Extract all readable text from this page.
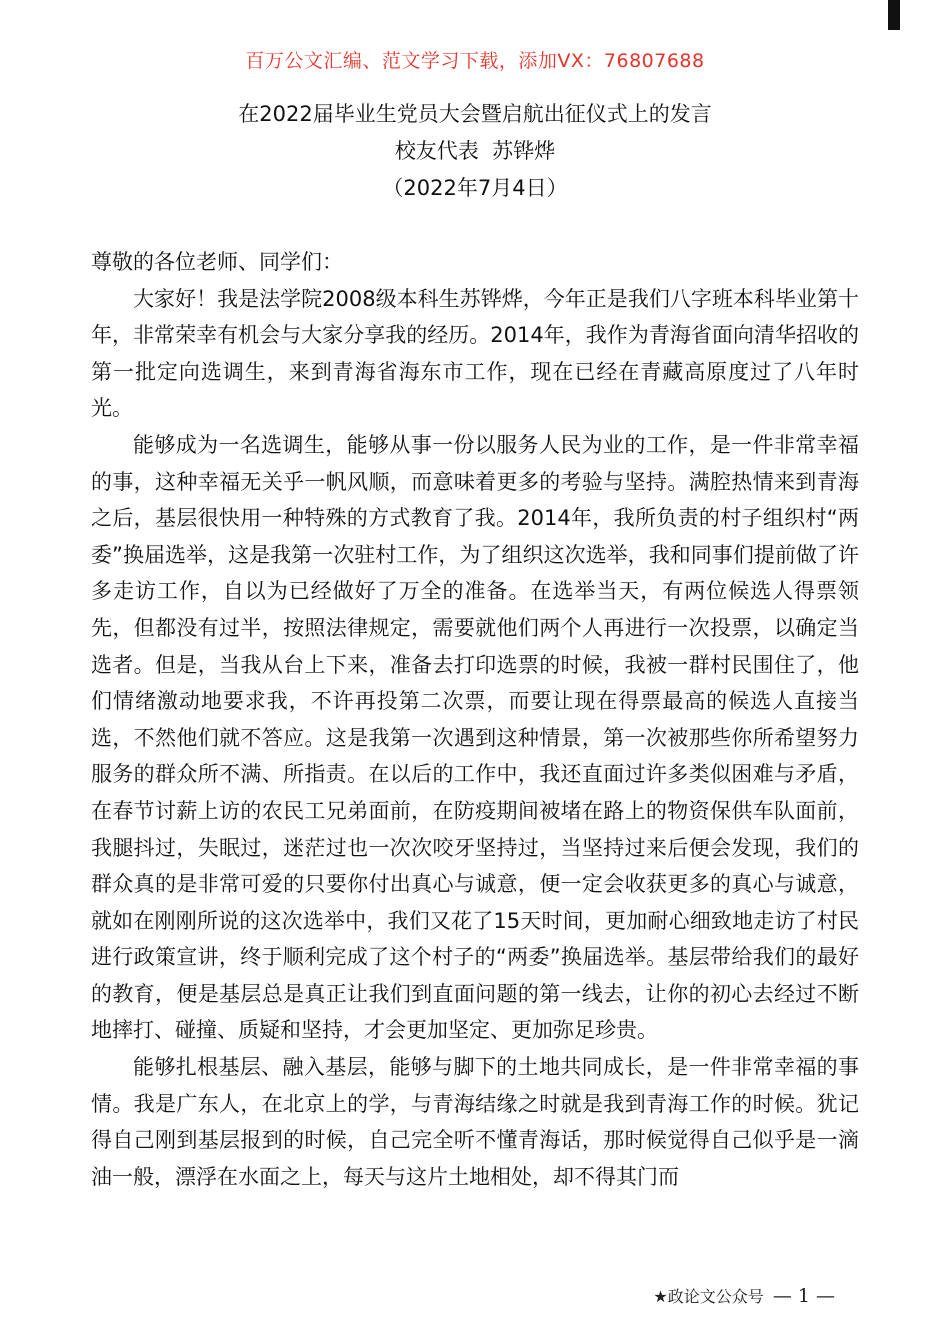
百万公文汇编、范文学习下载，添加VX：76807688
在2022届毕业生党员大会暨启航出征仪式上的发言
校友代表  苏铧烨
（2022年7月4日）

尊敬的各位老师、同学们：

大家好！我是法学院2008级本科生苏铧烨，今年正是我们八字班本科毕业第十年，非常荣幸有机会与大家分享我的经历。2014年，我作为青海省面向清华招收的第一批定向选调生，来到青海省海东市工作，现在已经在青藏高原度过了八年时光。

能够成为一名选调生，能够从事一份以服务人民为业的工作，是一件非常幸福的事，这种幸福无关乎一帆风顺，而意味着更多的考验与坚持。满腔热情来到青海之后，基层很快用一种特殊的方式教育了我。2014年，我所负责的村子组织村“两委”换届选举，这是我第一次驻村工作，为了组织这次选举，我和同事们提前做了许多走访工作，自以为已经做好了万全的准备。在选举当天，有两位候选人得票领先，但都没有过半，按照法律规定，需要就他们两个人再进行一次投票，以确定当选者。但是，当我从台上下来，准备去打印选票的时候，我被一群村民围住了，他们情绪激动地要求我，不许再投第二次票，而要让现在得票最高的候选人直接当选，不然他们就不答应。这是我第一次遇到这种情景，第一次被那些你所希望努力服务的群众所不满、所指责。在以后的工作中，我还直面过许多类似困难与矛盾，在春节讨薪上访的农民工兄弟面前，在防疫期间被堵在路上的物资保供车队面前，我腿抖过，失眠过，迷茫过也一次次咬牙坚持过，当坚持过来后便会发现，我们的群众真的是非常可爱的只要你付出真心与诚意，便一定会收获更多的真心与诚意，就如在刚刚所说的这次选举中，我们又花了15天时间，更加耐心细致地走访了村民进行政策宣讲，终于顺利完成了这个村子的“两委”换届选举。基层带给我们的最好的教育，便是基层总是真正让我们到直面问题的第一线去，让你的初心去经过不断地摔打、碰撞、质疑和坚持，才会更加坚定、更加弥足珍贵。

能够扎根基层、融入基层，能够与脚下的土地共同成长，是一件非常幸福的事情。我是广东人，在北京上的学，与青海结缘之时就是我到青海工作的时候。犹记得自己刚到基层报到的时候，自己完全听不懂青海话，那时候觉得自己似乎是一滴油一般，漂浮在水面之上，每天与这片土地相处，却不得其门而

★政论文公众号 — 1 —
